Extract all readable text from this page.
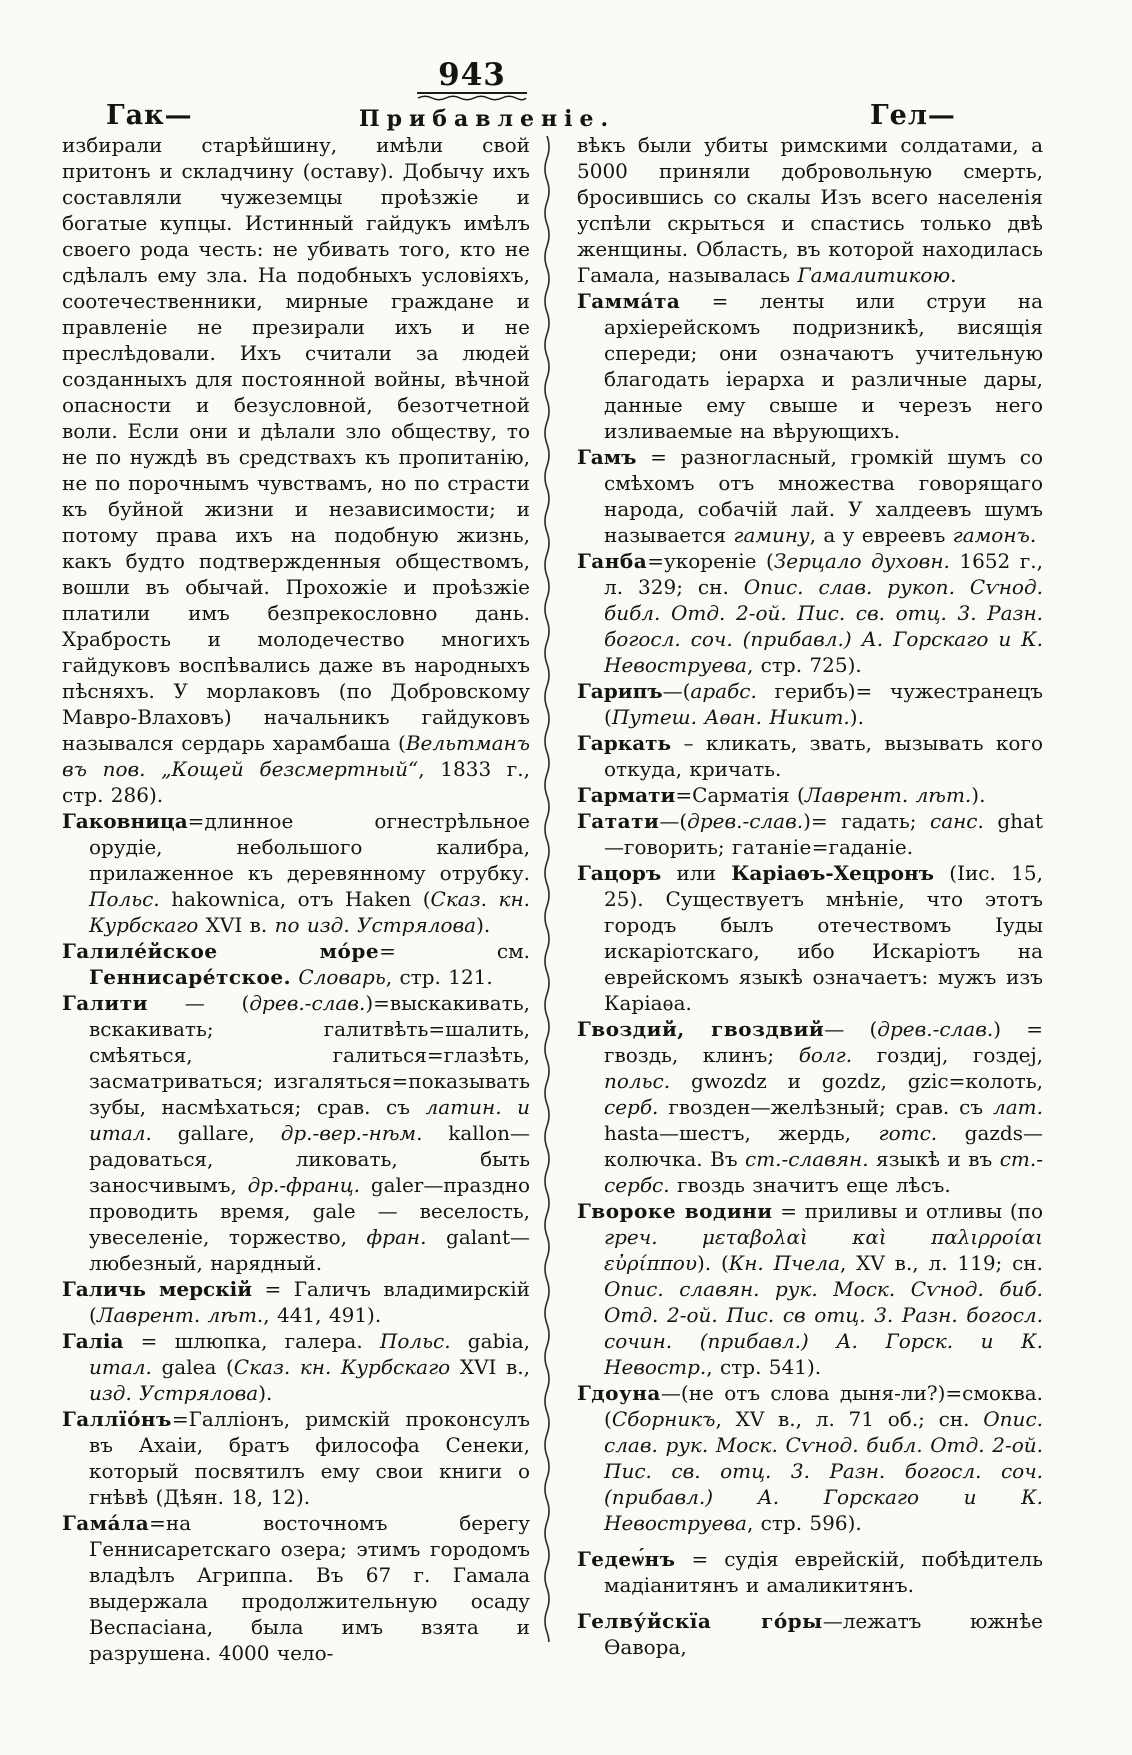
943
Гак—	Прибавленіе.	Гел—

избирали старѣйшину, имѣли свой притонъ и складчину (оставу). Добычу ихъ составляли чужеземцы проѣзжіе и богатые купцы. Истинный гайдукъ имѣлъ своего рода честь: не убивать того, кто не сдѣлалъ ему зла. На подобныхъ условіяхъ, соотечественники, мирные граждане и правленіе не презирали ихъ и не преслѣдовали. Ихъ считали за людей созданныхъ для постоянной войны, вѣчной опасности и безусловной, безотчетной воли. Если они и дѣлали зло обществу, то не по нуждѣ въ средствахъ къ пропитанію, не по порочнымъ чувствамъ, но по страсти къ буйной жизни и независимости; и потому права ихъ на подобную жизнь, какъ будто подтвержденныя обществомъ, вошли въ обычай. Прохожіе и проѣзжіе платили имъ безпрекословно дань. Храбрость и молодечество многихъ гайдуковъ воспѣвались даже въ народныхъ пѣсняхъ. У морлаковъ (по Добровскому Мавро-Влаховъ) начальникъ гайдуковъ назывался сердарь харамбаша (Вельтманъ въ пов. „Кощей безсмертный“, 1833 г., стр. 286).

Гаковница=длинное огнестрѣльное орудіе, небольшого калибра, прилаженное къ деревянному отрубку. Польс. hakownica, отъ Haken (Сказ. кн. Курбскаго XVI в. по изд. Устрялова).

Галиле́йское мо́ре= см. Геннисаре́тское. Словарь, стр. 121.

Галити — (древ.-слав.)=выскакивать, вскакивать; галитвѣть=шалить, смѣяться, галиться=глазѣть, засматриваться; изгаляться=показывать зубы, насмѣхаться; срав. съ латин. и итал. gallare, др.-вер.-нѣм. kallon—радоваться, ликовать, быть заносчивымъ, др.-франц. galer—праздно проводить время, gale — веселость, увеселеніе, торжество, фран. galant—любезный, нарядный.

Галичь мерскій = Галичъ владимирскій (Лаврент. лѣт., 441, 491).

Галіа = шлюпка, галера. Польс. gabia, итал. galea (Сказ. кн. Курбскаго XVI в., изд. Устрялова).

Галлїо́нъ=Галліонъ, римскій проконсулъ въ Ахаіи, братъ философа Сенеки, который посвятилъ ему свои книги о гнѣвѣ (Дѣян. 18, 12).

Гама́ла=на восточномъ берегу Геннисаретскаго озера; этимъ городомъ владѣлъ Агриппа. Въ 67 г. Гамала выдержала продолжительную осаду Веспасіана, была имъ взята и разрушена. 4000 чело-

вѣкъ были убиты римскими солдатами, а 5000 приняли добровольную смерть, бросившись со скалы Изъ всего населенія успѣли скрыться и спастись только двѣ женщины. Область, въ которой находилась Гамала, называлась Гамалитикою.

Гамма́та = ленты или струи на архіерейскомъ подризникѣ, висящія спереди; они означаютъ учительную благодать іерарха и различные дары, данные ему свыше и черезъ него изливаемые на вѣрующихъ.

Гамъ = разногласный, громкій шумъ со смѣхомъ отъ множества говорящаго народа, собачій лай. У халдеевъ шумъ называется гамину, а у евреевъ гамонъ.

Ганба=укореніе (Зерцало духовн. 1652 г., л. 329; сн. Опис. слав. рукоп. Сѵнод. библ. Отд. 2-ой. Пис. св. отц. 3. Разн. богосл. соч. (прибавл.) А. Горскаго и К. Невоструева, стр. 725).

Гарипъ—(арабс. герибъ)= чужестранецъ (Путеш. Аѳан. Никит.).

Гаркать – кликать, звать, вызывать кого откуда, кричать.

Гармати=Сарматія (Лаврент. лѣт.).

Гатати—(древ.-слав.)= гадать; санс. ghat —говорить; гатаніе=гаданіе.

Гацоръ или Каріаѳъ-Хецронъ (Іис. 15, 25). Существуетъ мнѣніе, что этотъ городъ былъ отечествомъ Іуды искаріотскаго, ибо Искаріотъ на еврейскомъ языкѣ означаетъ: мужъ изъ Каріаѳа.

Гвоздий, гвоздвий— (древ.-слав.) = гвоздь, клинъ; болг. гоздиj, гоздеj, польс. gwozdz и gozdz, gzic=колоть, серб. гвозден—желѣзный; срав. съ лат. hasta—шестъ, жердь, готс. gazds—колючка. Въ ст.-славян. языкѣ и въ ст.-сербс. гвоздь значитъ еще лѣсъ.

Гвороке водини = приливы и отливы (по греч. μεταβολαὶ καὶ παλιρροίαι εὐρίππου). (Кн. Пчела, XV в., л. 119; сн. Опис. славян. рук. Моск. Сѵнод. биб. Отд. 2-ой. Пис. св отц. 3. Разн. богосл. сочин. (прибавл.) А. Горск. и К. Невостр., стр. 541).

Гдоуна—(не отъ слова дыня-ли?)=смоква. (Сборникъ, XV в., л. 71 об.; сн. Опис. слав. рук. Моск. Сѵнод. библ. Отд. 2-ой. Пис. св. отц. 3. Разн. богосл. соч. (прибавл.) А. Горскаго и К. Невоструева, стр. 596).

Гедеѡ́нъ = судія еврейскій, побѣдитель мадіанитянъ и амаликитянъ.

Гелву́йскїа го́ры—лежатъ южнѣе Ѳавора,
